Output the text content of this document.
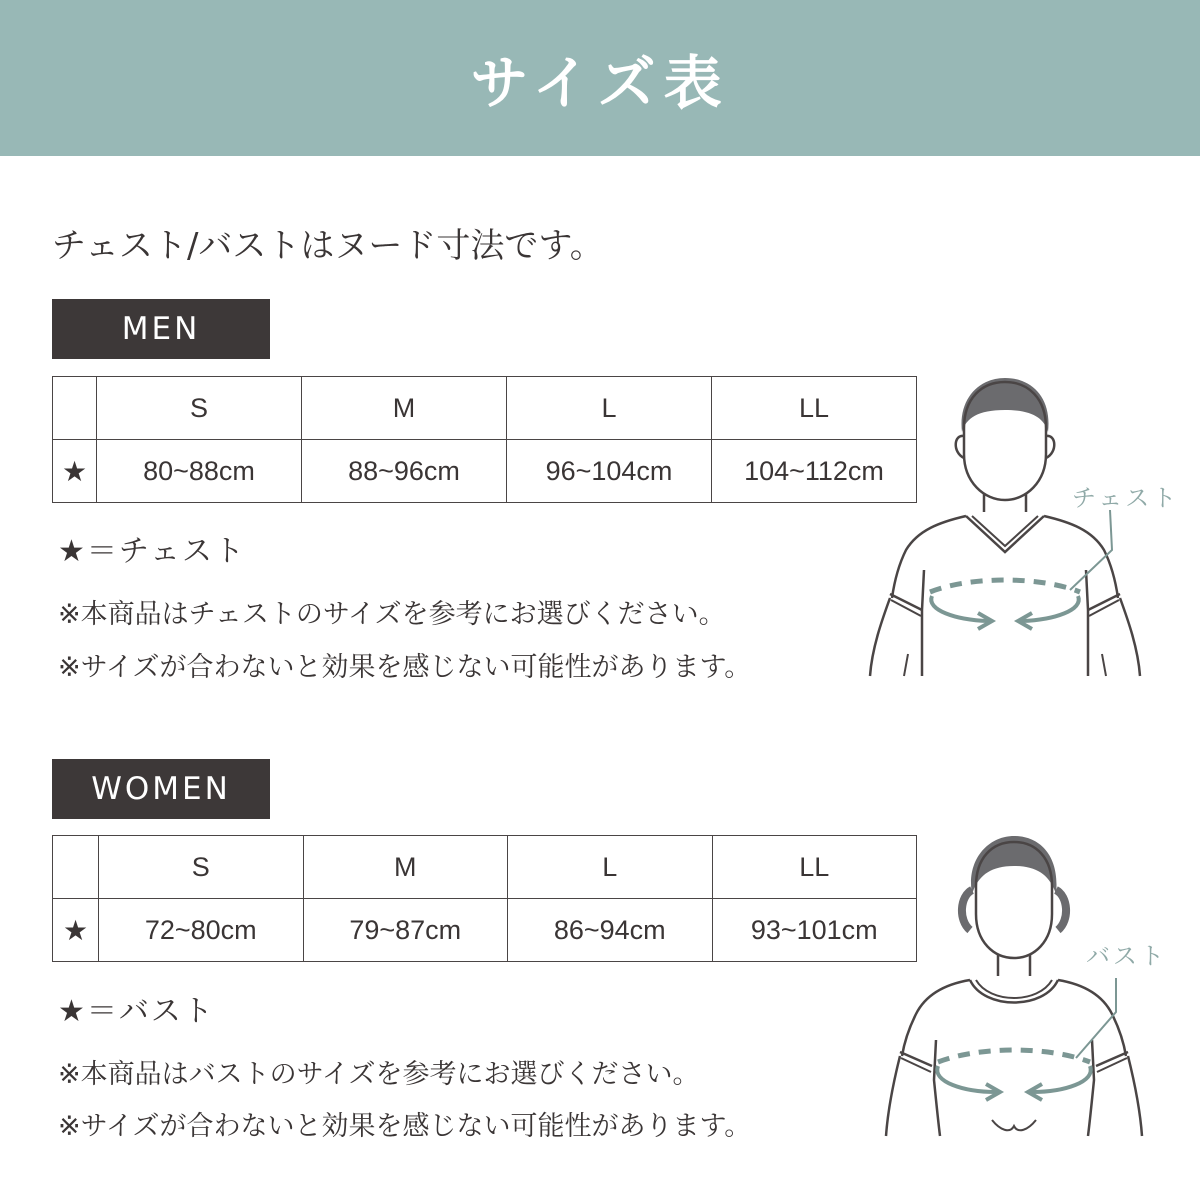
サイズ表

チェスト/バストはヌード寸法です。

MEN
	S	M	L	LL
★	80~88cm	88~96cm	96~104cm	104~112cm

★＝チェスト

※本商品はチェストのサイズを参考にお選びください。

※サイズが合わないと効果を感じない可能性があります。

チェスト

WOMEN
	S	M	L	LL
★	72~80cm	79~87cm	86~94cm	93~101cm

★＝バスト

※本商品はバストのサイズを参考にお選びください。

※サイズが合わないと効果を感じない可能性があります。

バスト
